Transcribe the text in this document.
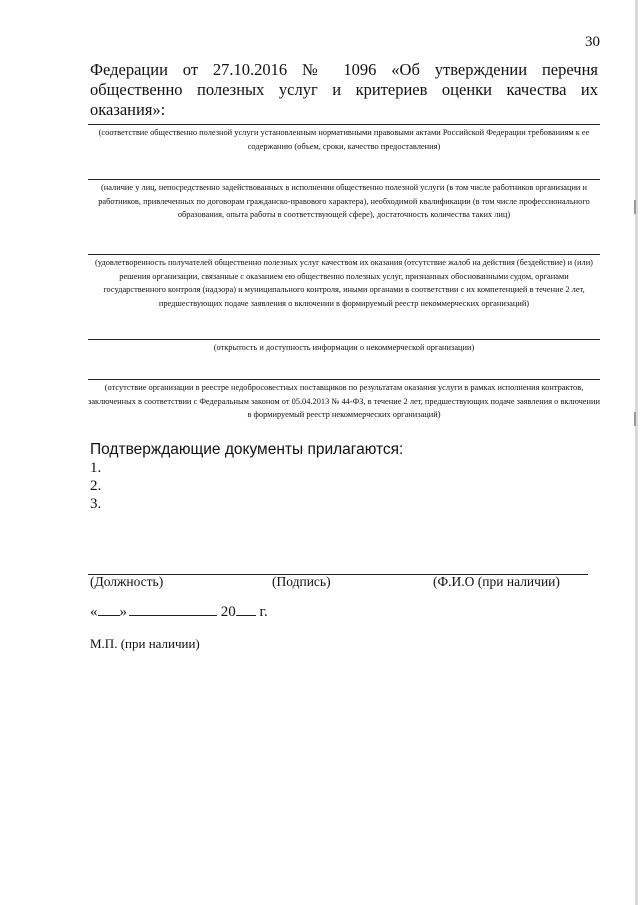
30
Федерации от 27.10.2016 № 1096 «Об утверждении перечня общественно полезных услуг и критериев оценки качества их оказания»:
(соответствие общественно полезной услуги установленным нормативными правовыми актами Российской Федерации требованиям к ее содержанию (объем, сроки, качество предоставления)
(наличие у лиц, непосредственно задействованных в исполнении общественно полезной услуги (в том числе работников организации и работников, привлеченных по договорам гражданско-правового характера), необходимой квалификации (в том числе профессионального образования, опыта работы в соответствующей сфере), достаточность количества таких лиц)
(удовлетворенность получателей общественно полезных услуг качеством их оказания (отсутствие жалоб на действия (бездействие) и (или) решения организации, связанные с оказанием ею общественно полезных услуг, признанных обоснованными судом, органами государственного контроля (надзора) и муниципального контроля, иными органами в соответствии с их компетенцией в течение 2 лет, предшествующих подаче заявления о включении в формируемый реестр некоммерческих организаций)
(открытость и доступность информации о некоммерческой организации)
(отсутствие организации в реестре недобросовестных поставщиков по результатам оказания услуги в рамках исполнения контрактов, заключенных в соответствии с Федеральным законом от 05.04.2013 № 44-ФЗ, в течение 2 лет, предшествующих подаче заявления о включении в формируемый реестр некоммерческих организаций)
Подтверждающие документы прилагаются:
1.
2.
3.
(Должность)	(Подпись)	(Ф.И.О (при наличии)
« »	20 г.
М.П. (при наличии)
